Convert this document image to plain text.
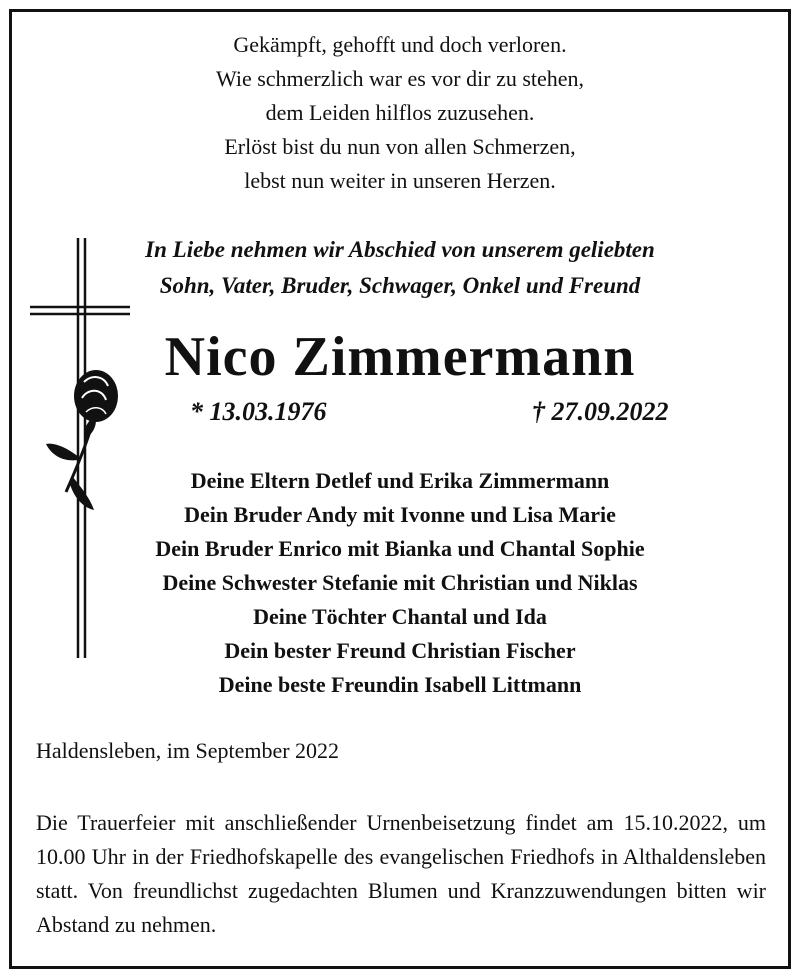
Gekämpft, gehofft und doch verloren.
Wie schmerzlich war es vor dir zu stehen,
dem Leiden hilflos zuzusehen.
Erlöst bist du nun von allen Schmerzen,
lebst nun weiter in unseren Herzen.
In Liebe nehmen wir Abschied von unserem geliebten
Sohn, Vater, Bruder, Schwager, Onkel und Freund
Nico Zimmermann
* 13.03.1976	† 27.09.2022
Deine Eltern Detlef und Erika Zimmermann
Dein Bruder Andy mit Ivonne und Lisa Marie
Dein Bruder Enrico mit Bianka und Chantal Sophie
Deine Schwester Stefanie mit Christian und Niklas
Deine Töchter Chantal und Ida
Dein bester Freund Christian Fischer
Deine beste Freundin Isabell Littmann
Haldensleben, im September 2022
Die Trauerfeier mit anschließender Urnenbeisetzung findet am 15.10.2022, um 10.00 Uhr in der Friedhofskapelle des evangelischen Friedhofs in Althaldensleben statt. Von freundlichst zugedachten Blumen und Kranzzuwendungen bitten wir Abstand zu nehmen.
